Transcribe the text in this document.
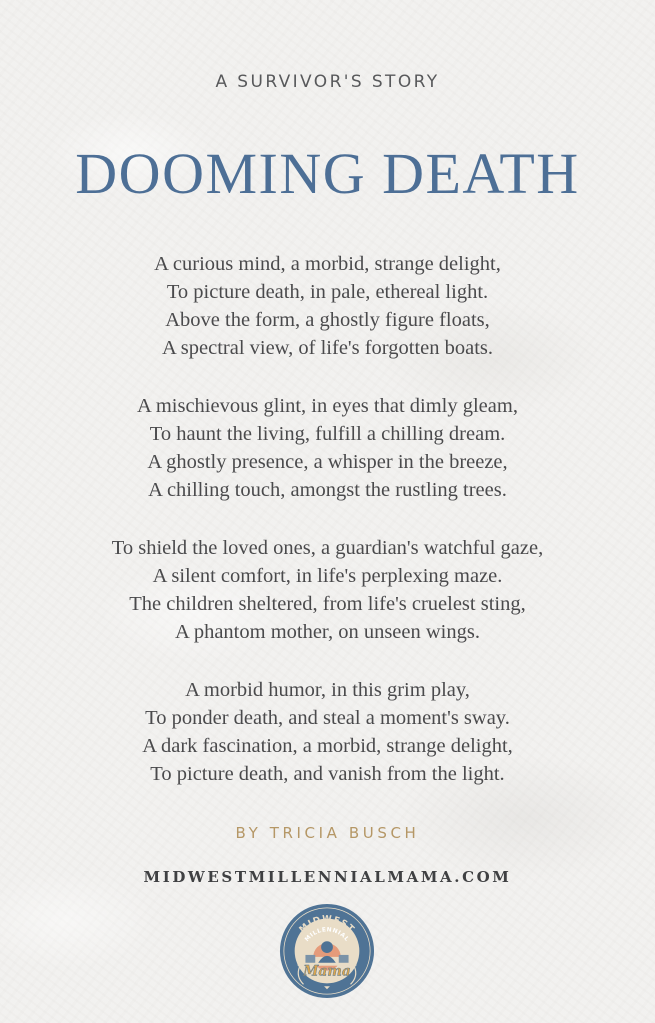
A SURVIVOR'S STORY
DOOMING DEATH
A curious mind, a morbid, strange delight,
To picture death, in pale, ethereal light.
Above the form, a ghostly figure floats,
A spectral view, of life's forgotten boats.
A mischievous glint, in eyes that dimly gleam,
To haunt the living, fulfill a chilling dream.
A ghostly presence, a whisper in the breeze,
A chilling touch, amongst the rustling trees.
To shield the loved ones, a guardian's watchful gaze,
A silent comfort, in life's perplexing maze.
The children sheltered, from life's cruelest sting,
A phantom mother, on unseen wings.
A morbid humor, in this grim play,
To ponder death, and steal a moment's sway.
A dark fascination, a morbid, strange delight,
To picture death, and vanish from the light.
BY TRICIA BUSCH
MIDWESTMILLENNIALMAMA.COM
MIDWEST
MILLENNIAL
Mama
